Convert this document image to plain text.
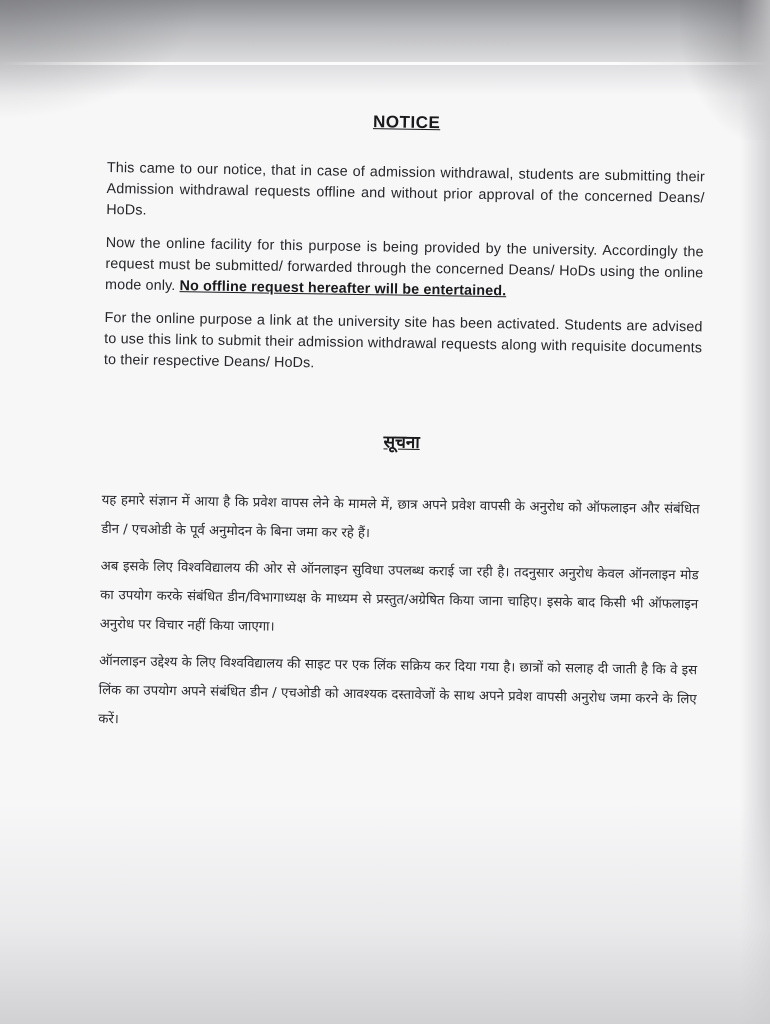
NOTICE

This came to our notice, that in case of admission withdrawal, students are submitting their Admission withdrawal requests offline and without prior approval of the concerned Deans/ HoDs.

Now the online facility for this purpose is being provided by the university. Accordingly the request must be submitted/ forwarded through the concerned Deans/ HoDs using the online mode only. No offline request hereafter will be entertained.

For the online purpose a link at the university site has been activated. Students are advised to use this link to submit their admission withdrawal requests along with requisite documents to their respective Deans/ HoDs.

सूचना

यह हमारे संज्ञान में आया है कि प्रवेश वापस लेने के मामले में, छात्र अपने प्रवेश वापसी के अनुरोध को ऑफलाइन और संबंधित डीन / एचओडी के पूर्व अनुमोदन के बिना जमा कर रहे हैं।

अब इसके लिए विश्वविद्यालय की ओर से ऑनलाइन सुविधा उपलब्ध कराई जा रही है। तदनुसार अनुरोध केवल ऑनलाइन मोड का उपयोग करके संबंधित डीन/विभागाध्यक्ष के माध्यम से प्रस्तुत/अग्रेषित किया जाना चाहिए। इसके बाद किसी भी ऑफलाइन अनुरोध पर विचार नहीं किया जाएगा।

ऑनलाइन उद्देश्य के लिए विश्वविद्यालय की साइट पर एक लिंक सक्रिय कर दिया गया है। छात्रों को सलाह दी जाती है कि वे इस लिंक का उपयोग अपने संबंधित डीन / एचओडी को आवश्यक दस्तावेजों के साथ अपने प्रवेश वापसी अनुरोध जमा करने के लिए करें।
